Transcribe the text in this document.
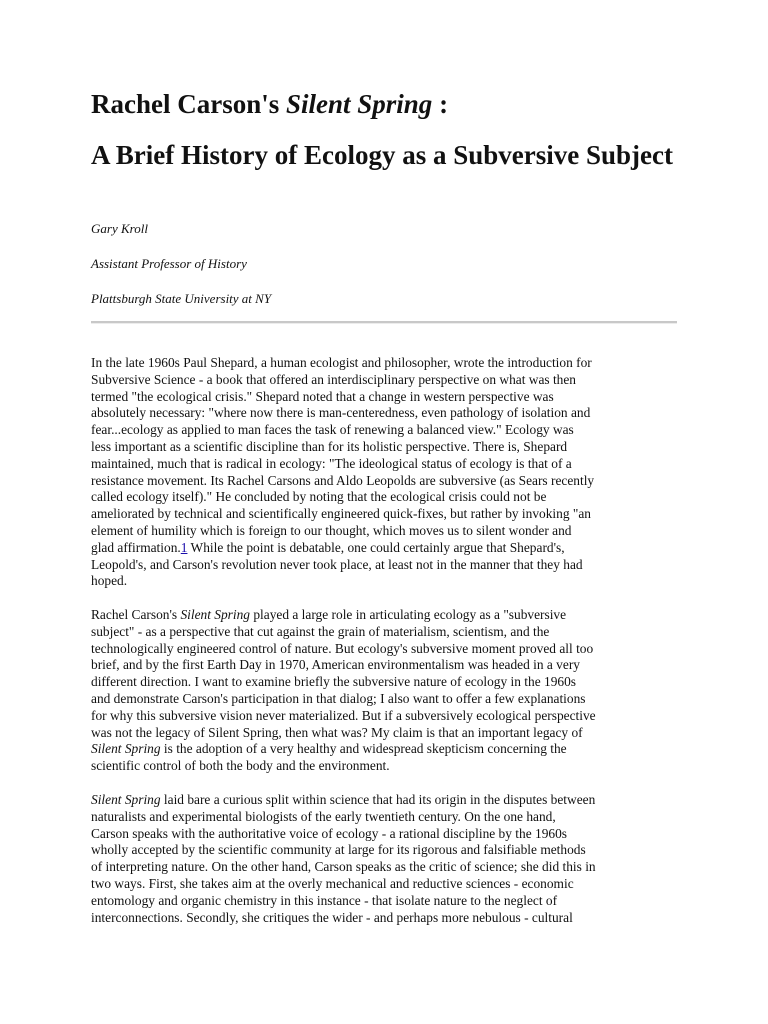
Rachel Carson's Silent Spring :
A Brief History of Ecology as a Subversive Subject

Gary Kroll

Assistant Professor of History

Plattsburgh State University at NY

In the late 1960s Paul Shepard, a human ecologist and philosopher, wrote the introduction for
Subversive Science - a book that offered an interdisciplinary perspective on what was then
termed "the ecological crisis." Shepard noted that a change in western perspective was
absolutely necessary: "where now there is man-centeredness, even pathology of isolation and
fear...ecology as applied to man faces the task of renewing a balanced view." Ecology was
less important as a scientific discipline than for its holistic perspective. There is, Shepard
maintained, much that is radical in ecology: "The ideological status of ecology is that of a
resistance movement. Its Rachel Carsons and Aldo Leopolds are subversive (as Sears recently
called ecology itself)." He concluded by noting that the ecological crisis could not be
ameliorated by technical and scientifically engineered quick-fixes, but rather by invoking "an
element of humility which is foreign to our thought, which moves us to silent wonder and
glad affirmation.1 While the point is debatable, one could certainly argue that Shepard's,
Leopold's, and Carson's revolution never took place, at least not in the manner that they had
hoped.
Rachel Carson's Silent Spring played a large role in articulating ecology as a "subversive
subject" - as a perspective that cut against the grain of materialism, scientism, and the
technologically engineered control of nature. But ecology's subversive moment proved all too
brief, and by the first Earth Day in 1970, American environmentalism was headed in a very
different direction. I want to examine briefly the subversive nature of ecology in the 1960s
and demonstrate Carson's participation in that dialog; I also want to offer a few explanations
for why this subversive vision never materialized. But if a subversively ecological perspective
was not the legacy of Silent Spring, then what was? My claim is that an important legacy of
Silent Spring is the adoption of a very healthy and widespread skepticism concerning the
scientific control of both the body and the environment.
Silent Spring laid bare a curious split within science that had its origin in the disputes between
naturalists and experimental biologists of the early twentieth century. On the one hand,
Carson speaks with the authoritative voice of ecology - a rational discipline by the 1960s
wholly accepted by the scientific community at large for its rigorous and falsifiable methods
of interpreting nature. On the other hand, Carson speaks as the critic of science; she did this in
two ways. First, she takes aim at the overly mechanical and reductive sciences - economic
entomology and organic chemistry in this instance - that isolate nature to the neglect of
interconnections. Secondly, she critiques the wider - and perhaps more nebulous - cultural
